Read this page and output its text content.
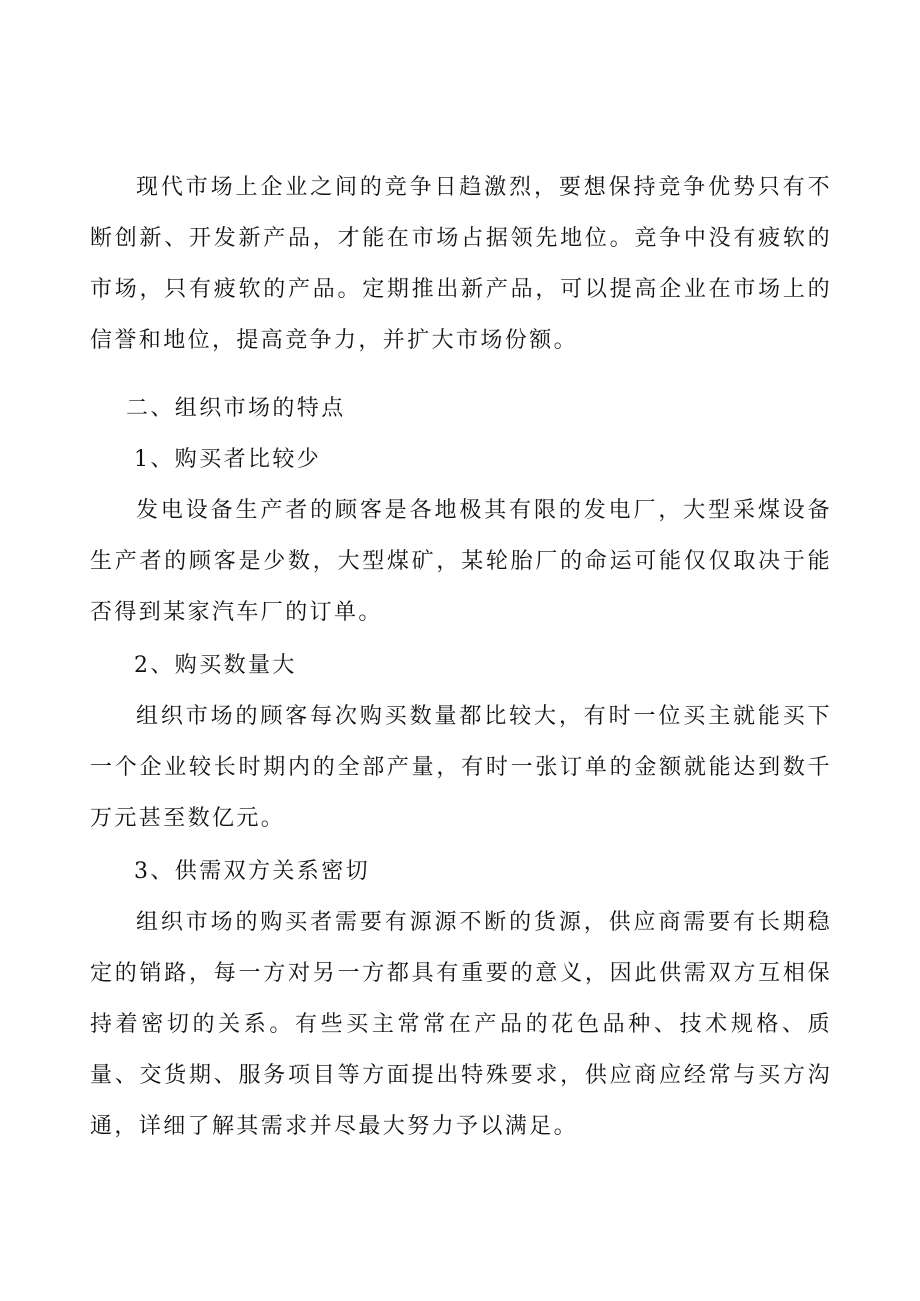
现代市场上企业之间的竞争日趋激烈，要想保持竞争优势只有不断创新、开发新产品，才能在市场占据领先地位。竞争中没有疲软的市场，只有疲软的产品。定期推出新产品，可以提高企业在市场上的信誉和地位，提高竞争力，并扩大市场份额。

二、组织市场的特点

1、购买者比较少

发电设备生产者的顾客是各地极其有限的发电厂，大型采煤设备生产者的顾客是少数，大型煤矿，某轮胎厂的命运可能仅仅取决于能否得到某家汽车厂的订单。

2、购买数量大

组织市场的顾客每次购买数量都比较大，有时一位买主就能买下一个企业较长时期内的全部产量，有时一张订单的金额就能达到数千万元甚至数亿元。

3、供需双方关系密切

组织市场的购买者需要有源源不断的货源，供应商需要有长期稳定的销路，每一方对另一方都具有重要的意义，因此供需双方互相保持着密切的关系。有些买主常常在产品的花色品种、技术规格、质量、交货期、服务项目等方面提出特殊要求，供应商应经常与买方沟通，详细了解其需求并尽最大努力予以满足。
